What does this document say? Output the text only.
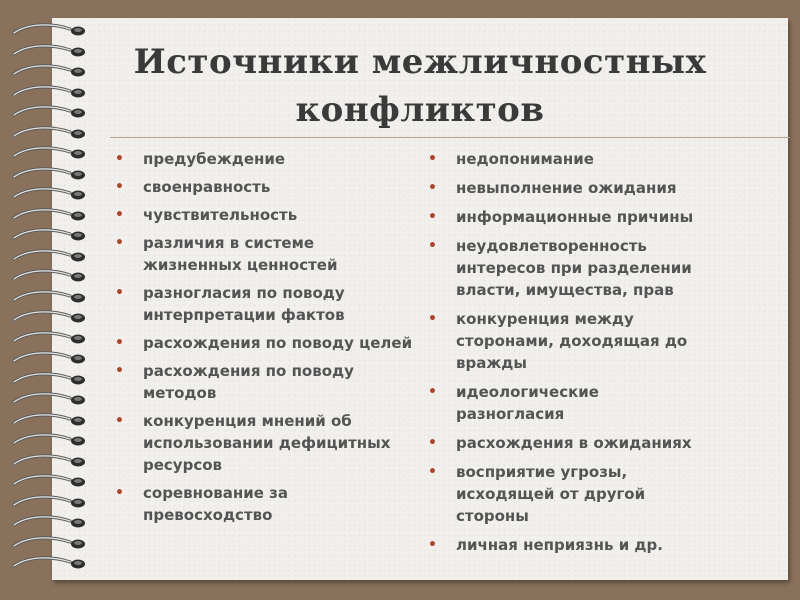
Источники межличностных
конфликтов
• предубеждение
• своенравность
• чувствительность
• различия в системе
жизненных ценностей
• разногласия по поводу
интерпретации фактов
• расхождения по поводу целей
• расхождения по поводу
методов
• конкуренция мнений об
использовании дефицитных
ресурсов
• соревнование за
превосходство
• недопонимание
• невыполнение ожидания
• информационные причины
• неудовлетворенность
интересов при разделении
власти, имущества, прав
• конкуренция между
сторонами, доходящая до
вражды
• идеологические
разногласия
• расхождения в ожиданиях
• восприятие угрозы,
исходящей от другой
стороны
• личная неприязнь и др.
